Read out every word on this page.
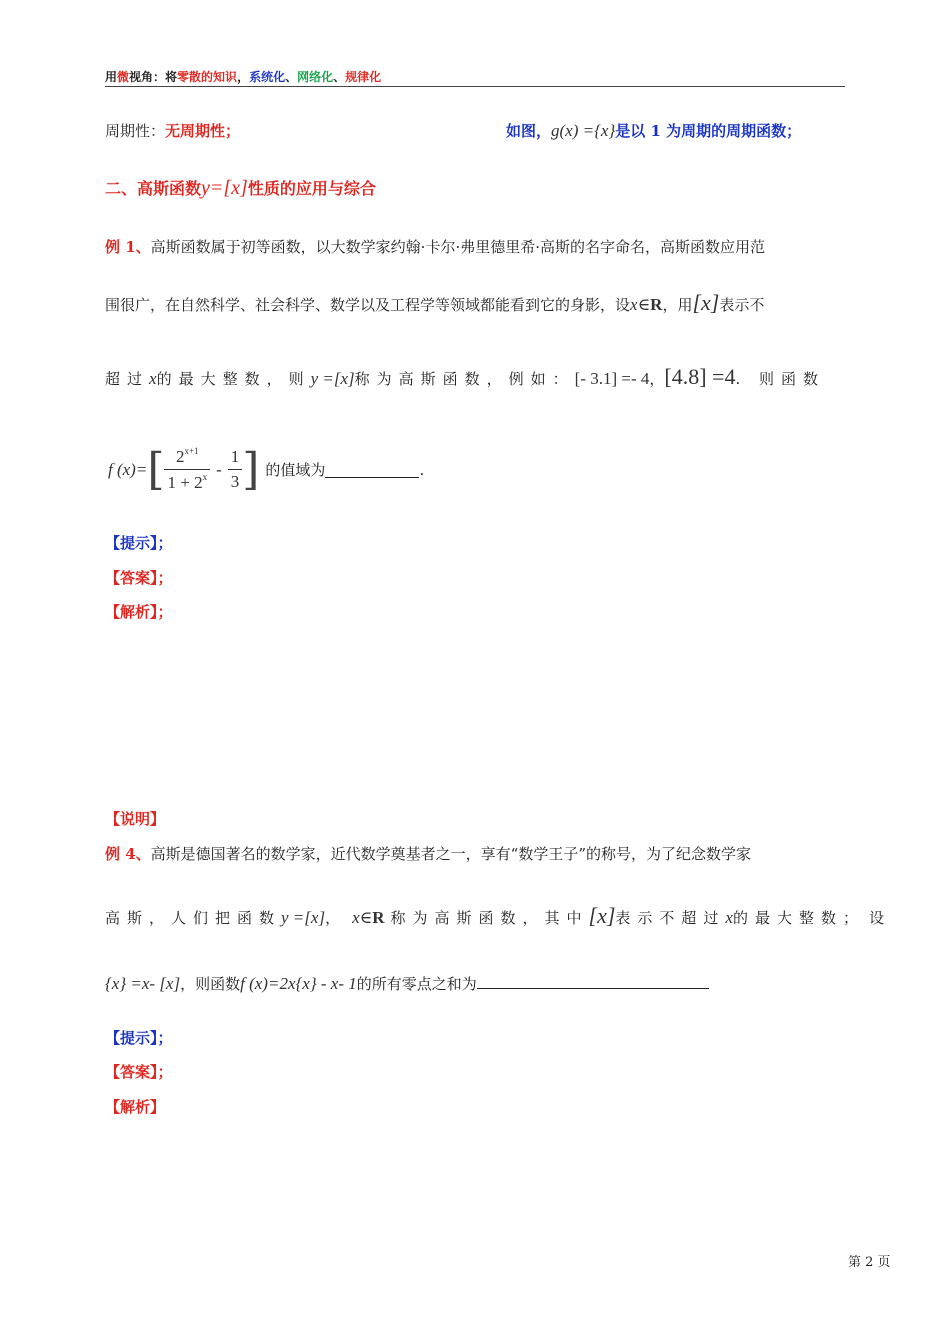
用微视角：将零散的知识，系统化、网络化、规律化
周期性：无周期性；	如图，g(x) ={x}是以 1 为周期的周期函数；
二、高斯函数y=[x]性质的应用与综合
例 1、高斯函数属于初等函数，以大数学家约翰·卡尔·弗里德里希·高斯的名字命名，高斯函数应用范
围很广，在自然科学、社会科学、数学以及工程学等领域都能看到它的身影，设x∈R，用[x]表示不
超过x的最大整数，则y =[x]称为高斯函数，例如：[- 3.1] =- 4，[4.8] =4. 则函数
f (x)= [ $\frac{2^{x+1}}{1 + 2^x} - \frac{1}{3}$ ] 的值域为	.
【提示】；
【答案】；
【解析】；
【说明】
例 4、高斯是德国著名的数学家，近代数学奠基者之一，享有“数学王子”的称号，为了纪念数学家
高斯，人们把函数y =[x]， x∈R 称为高斯函数，其中[x]表示不超过x的最大整数； 设
{x} =x- [x]，则函数f (x)=2x{x} - x- 1的所有零点之和为
【提示】；
【答案】；
【解析】
第 2 页
